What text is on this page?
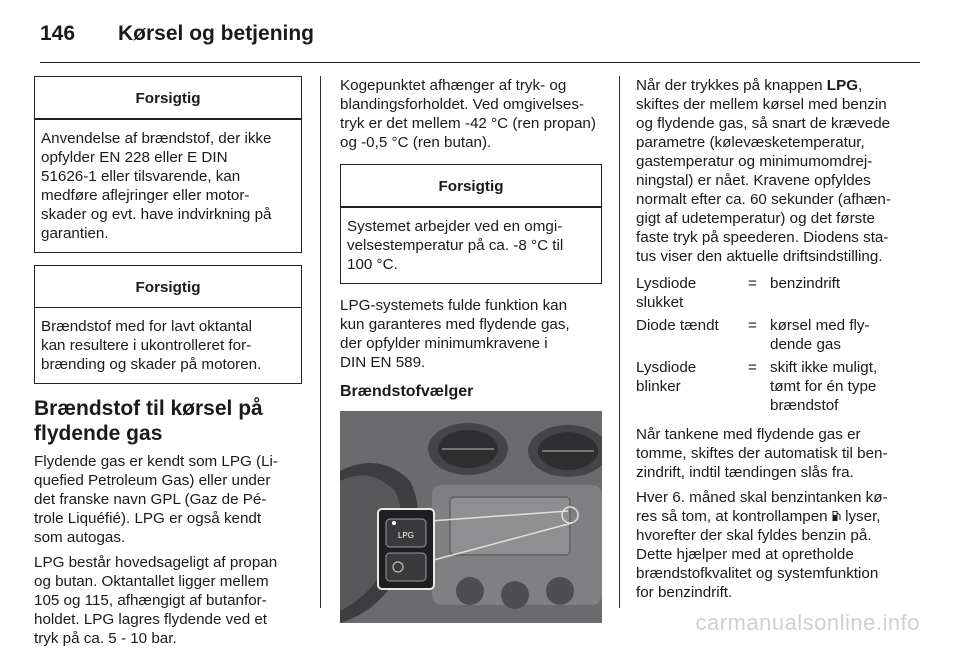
146 Kørsel og betjening
Forsigtig
Anvendelse af brændstof, der ikke
opfylder EN 228 eller E DIN
51626-1 eller tilsvarende, kan
medføre aflejringer eller motor-
skader og evt. have indvirkning på
garantien.
Forsigtig
Brændstof med for lavt oktantal
kan resultere i ukontrolleret for-
brænding og skader på motoren.
Brændstof til kørsel på
flydende gas

Flydende gas er kendt som LPG (Li-
quefied Petroleum Gas) eller under
det franske navn GPL (Gaz de Pé-
trole Liquéfié). LPG er også kendt
som autogas.

LPG består hovedsageligt af propan
og butan. Oktantallet ligger mellem
105 og 115, afhængigt af butanfor-
holdet. LPG lagres flydende ved et
tryk på ca. 5 - 10 bar.

Kogepunktet afhænger af tryk- og
blandingsforholdet. Ved omgivelses-
tryk er det mellem -42 °C (ren propan)
og -0,5 °C (ren butan).

Forsigtig
Systemet arbejder ved en omgi-
velsestemperatur på ca. -8 °C til
100 °C.

LPG-systemets fulde funktion kan
kun garanteres med flydende gas,
der opfylder minimumkravene i
DIN EN 589.

Brændstofvælger
LPG

Når der trykkes på knappen LPG,
skiftes der mellem kørsel med benzin
og flydende gas, så snart de krævede
parametre (kølevæsketemperatur,
gastemperatur og minimumomdrej-
ningstal) er nået. Kravene opfyldes
normalt efter ca. 60 sekunder (afhæn-
gigt af udetemperatur) og det første
faste tryk på speederen. Diodens sta-
tus viser den aktuelle driftsindstilling.

Lysdiode
slukket
= benzindrift
Diode tændt	= kørsel med fly-
dende gas
Lysdiode
blinker
= skift ikke muligt,
tømt for én type
brændstof

Når tankene med flydende gas er
tomme, skiftes der automatisk til ben-
zindrift, indtil tændingen slås fra.

Hver 6. måned skal benzintanken kø-
res så tom, at kontrollampen  lyser,
hvorefter der skal fyldes benzin på.
Dette hjælper med at opretholde
brændstofkvalitet og systemfunktion
for benzindrift.

carmanualsonline.info
